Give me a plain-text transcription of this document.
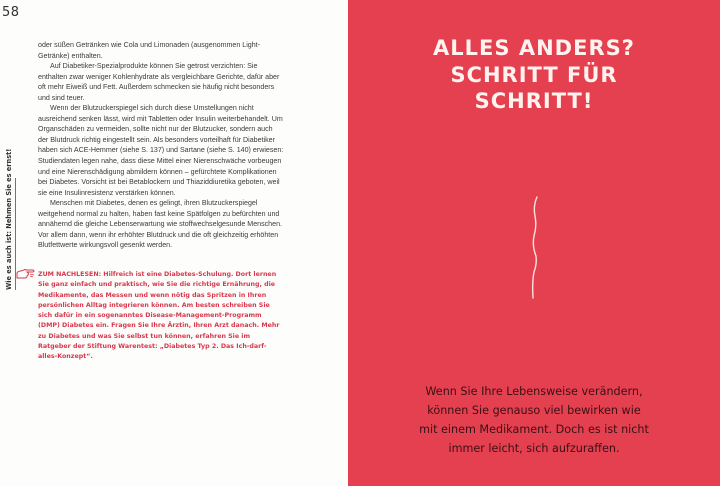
58
Wie es auch ist: Nehmen Sie es ernst!

oder süßen Getränken wie Cola und Limonaden (ausgenommen Light-Getränke) enthalten.

Auf Diabetiker-Spezialprodukte können Sie getrost verzichten: Sie enthalten zwar weniger Kohlenhydrate als vergleichbare Gerichte, dafür aber oft mehr Eiweiß und Fett. Außerdem schmecken sie häufig nicht besonders und sind teuer.

Wenn der Blutzuckerspiegel sich durch diese Umstellungen nicht ausreichend senken lässt, wird mit Tabletten oder Insulin weiterbehandelt. Um Organschäden zu vermeiden, sollte nicht nur der Blutzucker, sondern auch der Blutdruck richtig eingestellt sein. Als besonders vorteilhaft für Diabetiker haben sich ACE-Hemmer (siehe S. 137) und Sartane (siehe S. 140) erwiesen: Studiendaten legen nahe, dass diese Mittel einer Nierenschwäche vorbeugen und eine Nierenschädigung abmildern können – gefürchtete Komplikationen bei Diabetes. Vorsicht ist bei Betablockern und Thiaziddiuretika geboten, weil sie eine Insulinresistenz verstärken können.

Menschen mit Diabetes, denen es gelingt, ihren Blutzuckerspiegel weitgehend normal zu halten, haben fast keine Spätfolgen zu befürchten und annähernd die gleiche Lebenserwartung wie stoffwechselgesunde Menschen. Vor allem dann, wenn ihr erhöhter Blutdruck und die oft gleichzeitig erhöhten Blutfettwerte wirkungsvoll gesenkt werden.

ZUM NACHLESEN: Hilfreich ist eine Diabetes-Schulung. Dort lernen Sie ganz einfach und praktisch, wie Sie die richtige Ernährung, die Medikamente, das Messen und wenn nötig das Spritzen in Ihren persönlichen Alltag integrieren können. Am besten schreiben Sie sich dafür in ein sogenanntes Disease-Management-Programm (DMP) Diabetes ein. Fragen Sie Ihre Ärztin, Ihren Arzt danach. Mehr zu Diabetes und was Sie selbst tun können, erfahren Sie im Ratgeber der Stiftung Warentest: „Diabetes Typ 2. Das Ich-darf-alles-Konzept“.
ALLES ANDERS?
SCHRITT FÜR
SCHRITT!
Wenn Sie Ihre Lebensweise verändern,
können Sie genauso viel bewirken wie
mit einem Medikament. Doch es ist nicht
immer leicht, sich aufzuraffen.
